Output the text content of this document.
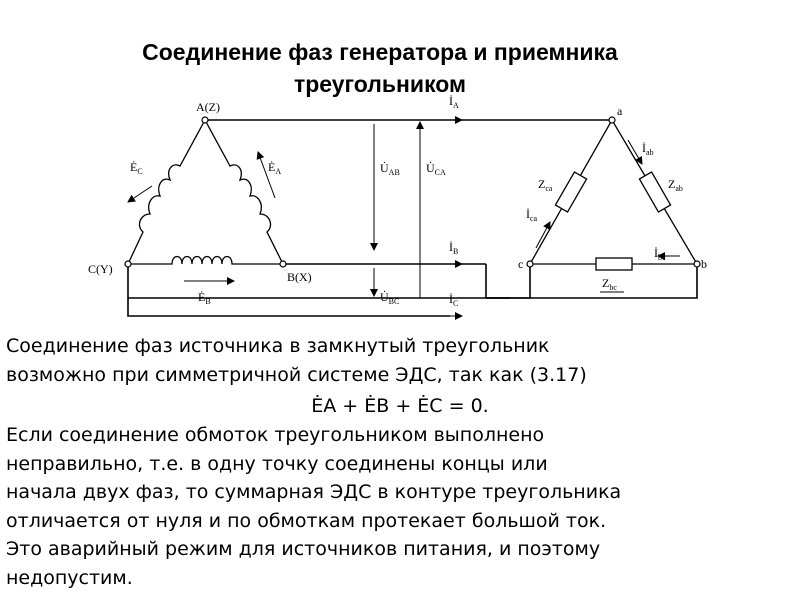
Соединение фаз генератора и приемника
треугольником
A(Z)
C(Y)
B(X)
a
c	b
$Ė_C$	$Ė_A$
$Ė_B$
$İ_A$
$İ_B$
$İ_C$
$İ_{ab}$
$İ_{ca}$
$İ_{bc}$
$U̇_{AB}$ $U̇_{CA}$
$U̇_{BC}$
$Z_{ca}$	$Z_{ab}$
$Z_{bc}$
Соединение фаз источника в замкнутый треугольник
возможно при симметричной системе ЭДС, так как (3.17)
ĖA + ĖB + ĖC = 0.
Если соединение обмоток треугольником выполнено
неправильно, т.е. в одну точку соединены концы или
начала двух фаз, то суммарная ЭДС в контуре треугольника
отличается от нуля и по обмоткам протекает большой ток.
Это аварийный режим для источников питания, и поэтому
недопустим.
